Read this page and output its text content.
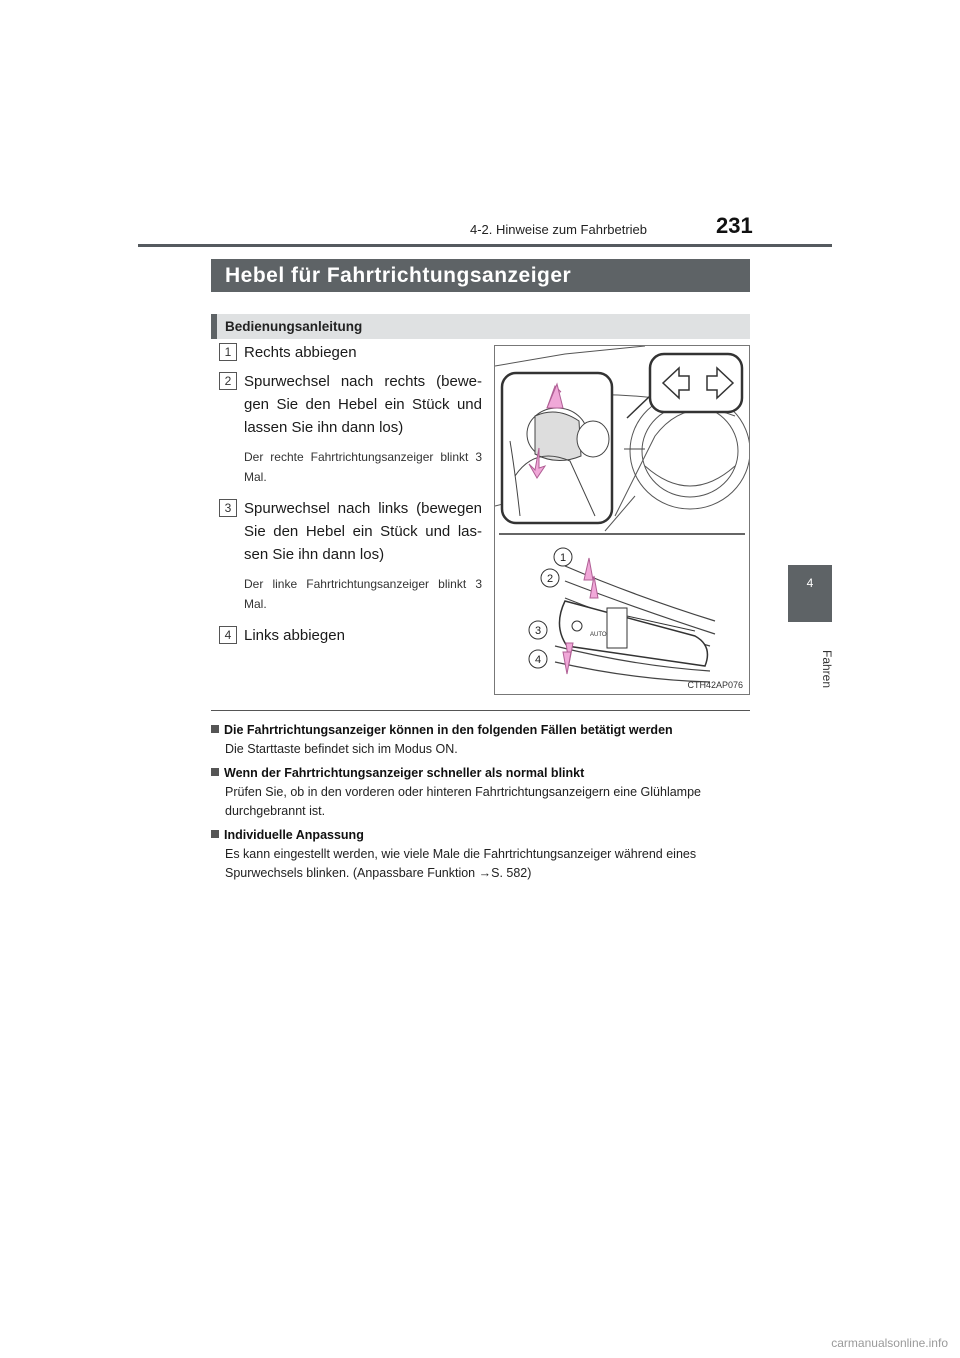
4-2. Hinweise zum Fahrbetrieb	231
4
Fahren
Hebel für Fahrtrichtungsanzeiger
Bedienungsanleitung
1 Rechts abbiegen
2 Spurwechsel nach rechts (bewe-gen Sie den Hebel ein Stück und lassen Sie ihn dann los)
Der rechte Fahrtrichtungsanzeiger blinkt 3 Mal.
3 Spurwechsel nach links (bewegen Sie den Hebel ein Stück und las-sen Sie ihn dann los)
Der linke Fahrtrichtungsanzeiger blinkt 3 Mal.
4 Links abbiegen	AUTO
1
2
3
4
CTH42AP076
Die Fahrtrichtungsanzeiger können in den folgenden Fällen betätigt werden
Die Starttaste befindet sich im Modus ON.
Wenn der Fahrtrichtungsanzeiger schneller als normal blinkt
Prüfen Sie, ob in den vorderen oder hinteren Fahrtrichtungsanzeigern eine Glühlampe durchgebrannt ist.
Individuelle Anpassung
Es kann eingestellt werden, wie viele Male die Fahrtrichtungsanzeiger während eines Spurwechsels blinken. (Anpassbare Funktion →S. 582)
carmanualsonline.info
